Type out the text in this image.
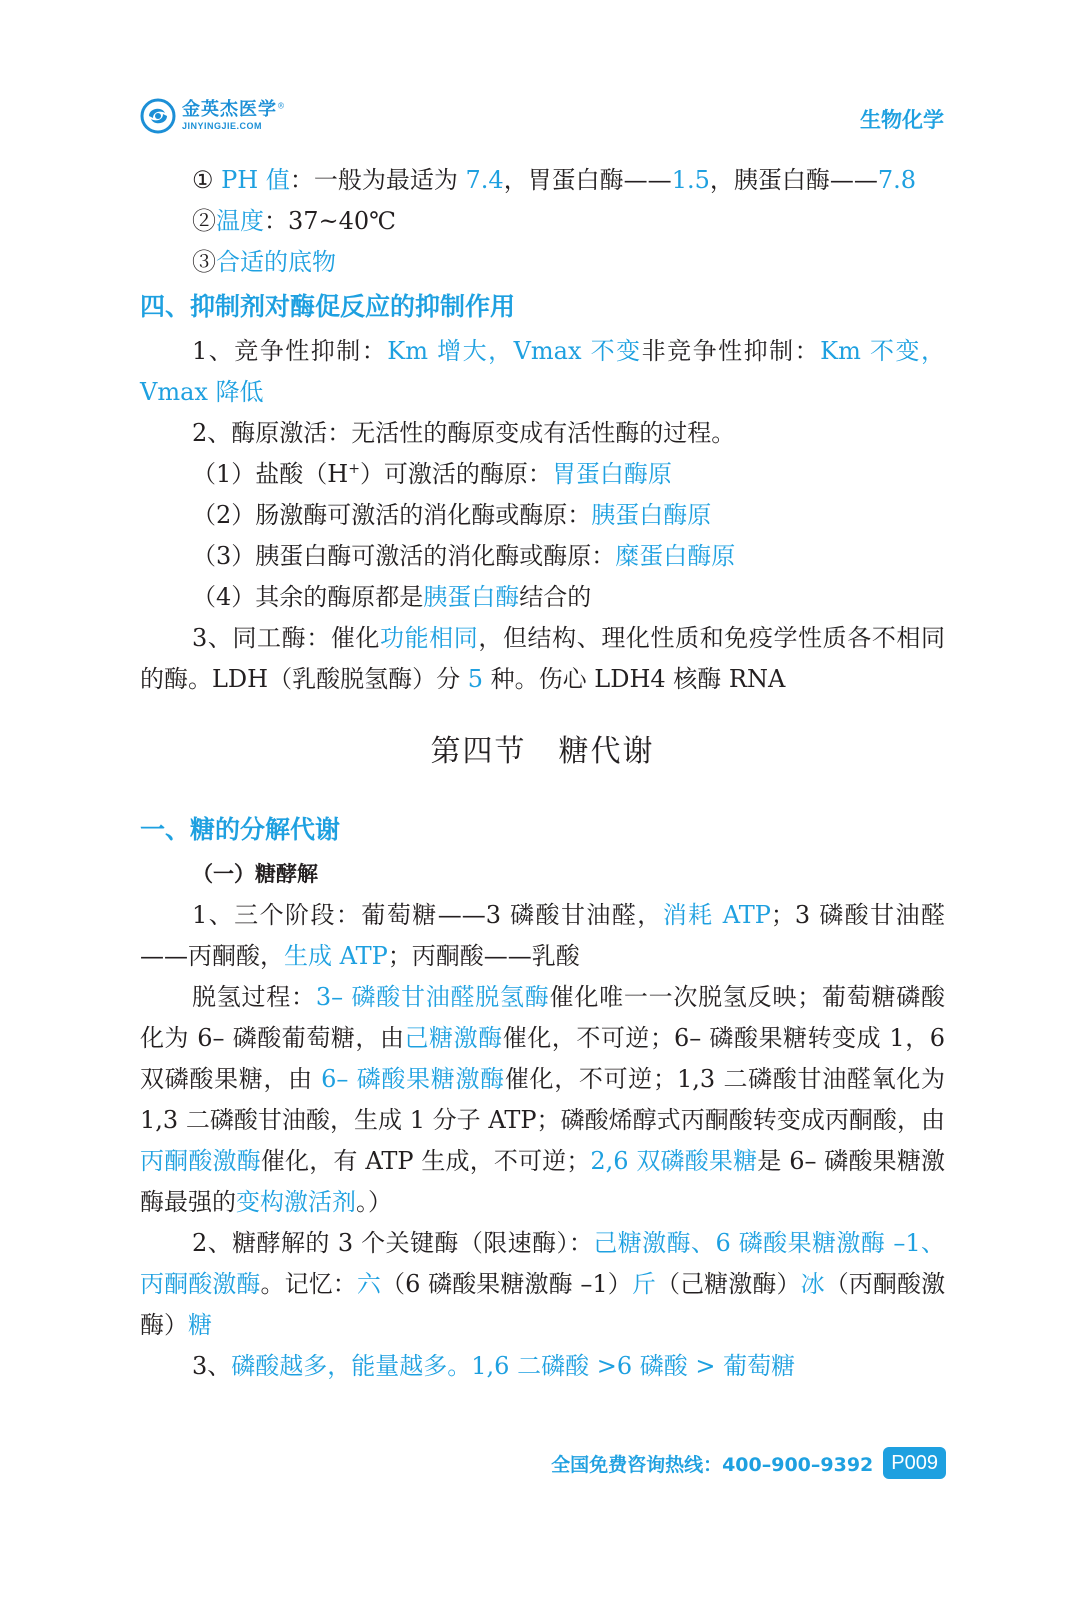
金英杰医学®
JINYINGJIE.COM	生物化学
① PH 值：一般为最适为 7.4，胃蛋白酶——1.5，胰蛋白酶——7.8
②温度：37~40℃
③合适的底物
四、抑制剂对酶促反应的抑制作用
1、竞争性抑制：Km 增大，Vmax 不变非竞争性抑制：Km 不变，Vmax 降低
2、酶原激活：无活性的酶原变成有活性酶的过程。
（1）盐酸（H+）可激活的酶原：胃蛋白酶原
（2）肠激酶可激活的消化酶或酶原：胰蛋白酶原
（3）胰蛋白酶可激活的消化酶或酶原：糜蛋白酶原
（4）其余的酶原都是胰蛋白酶结合的
3、同工酶：催化功能相同，但结构、理化性质和免疫学性质各不相同的酶。LDH（乳酸脱氢酶）分 5 种。伤心 LDH4 核酶 RNA
第四节　糖代谢
一、糖的分解代谢
（一）糖酵解
1、三个阶段：葡萄糖——3 磷酸甘油醛，消耗 ATP；3 磷酸甘油醛——丙酮酸，生成 ATP；丙酮酸——乳酸
脱氢过程：3– 磷酸甘油醛脱氢酶催化唯一一次脱氢反映；葡萄糖磷酸化为 6– 磷酸葡萄糖，由己糖激酶催化，不可逆；6– 磷酸果糖转变成 1，6 双磷酸果糖，由 6– 磷酸果糖激酶催化，不可逆；1,3 二磷酸甘油醛氧化为 1,3 二磷酸甘油酸，生成 1 分子 ATP；磷酸烯醇式丙酮酸转变成丙酮酸，由丙酮酸激酶催化，有 ATP 生成，不可逆；2,6 双磷酸果糖是 6– 磷酸果糖激酶最强的变构激活剂。）
2、糖酵解的 3 个关键酶（限速酶）：己糖激酶、6 磷酸果糖激酶 –1、丙酮酸激酶。记忆：六（6 磷酸果糖激酶 –1）斤（己糖激酶）冰（丙酮酸激酶）糖
3、磷酸越多，能量越多。1,6 二磷酸 >6 磷酸 > 葡萄糖
全国免费咨询热线：400–900–9392 P009
